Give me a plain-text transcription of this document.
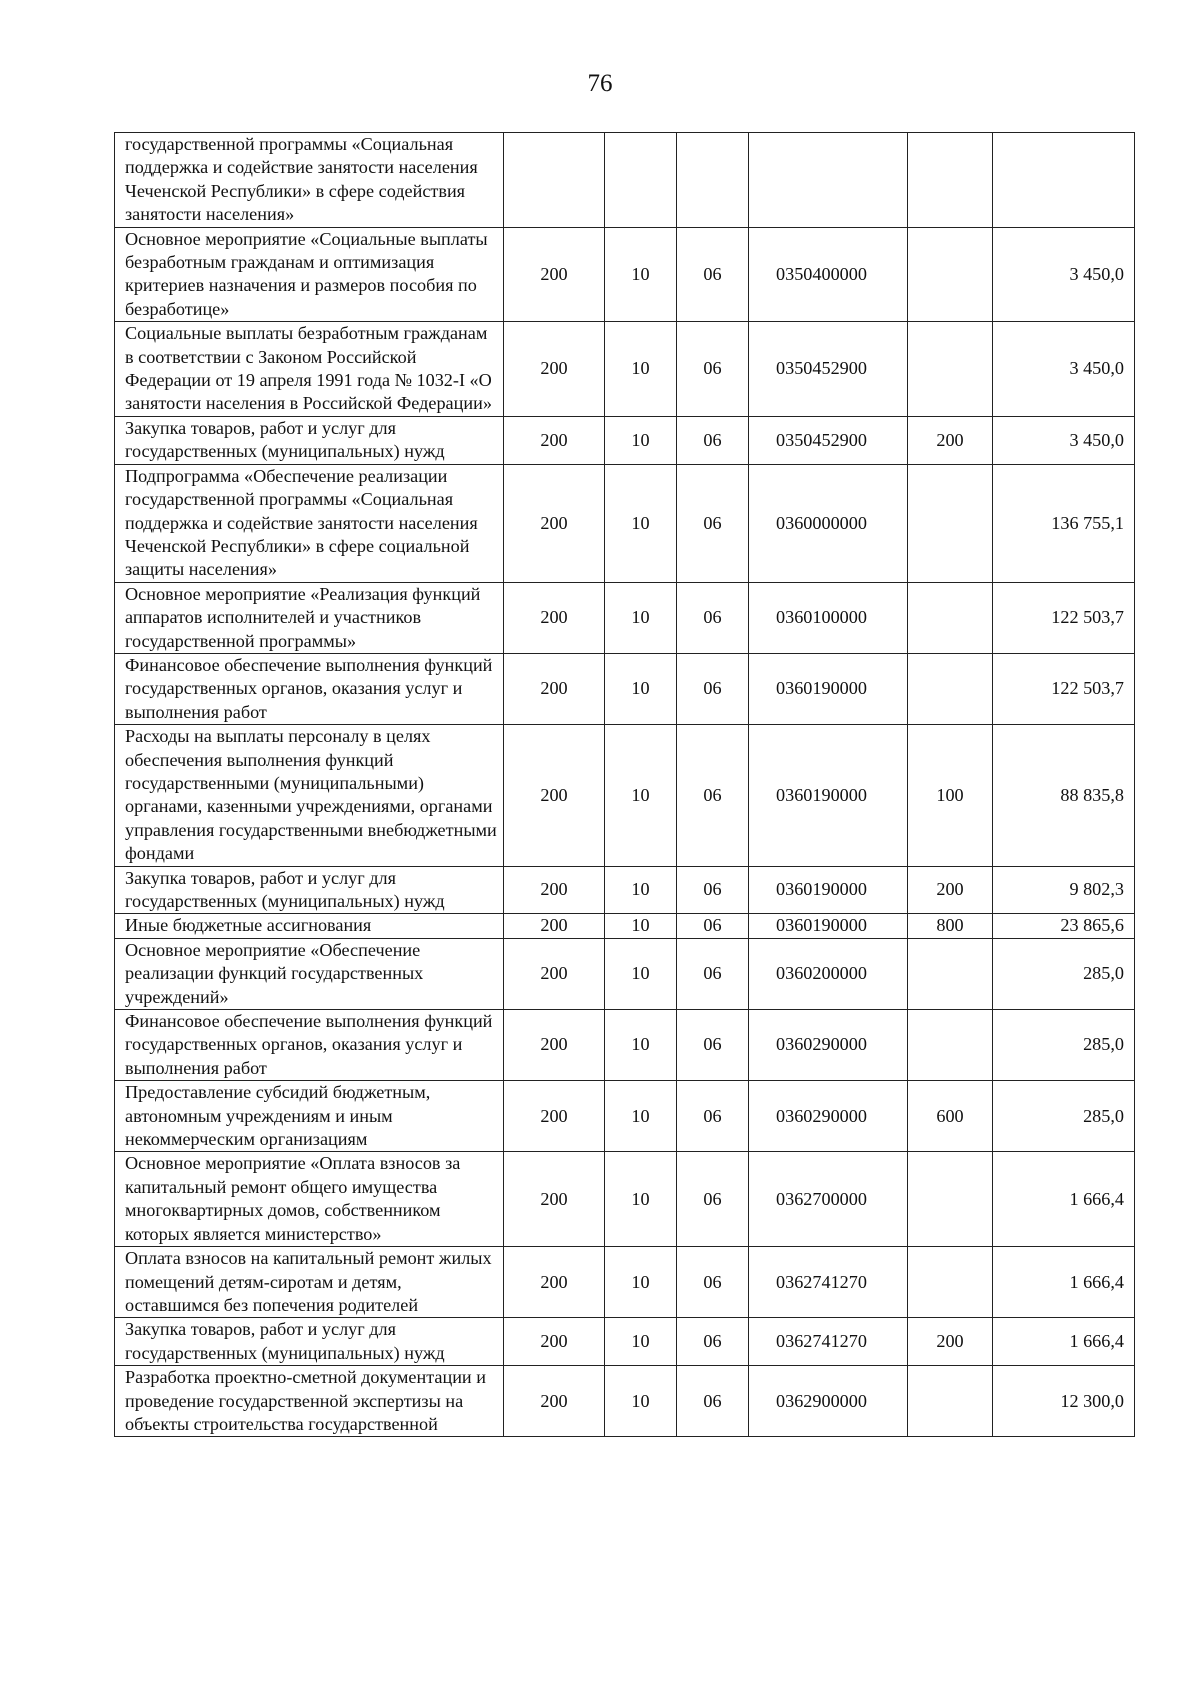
76
государственной программы «Социальная поддержка и содействие занятости населения Чеченской Республики» в сфере содействия занятости населения»						
Основное мероприятие «Социальные выплаты безработным гражданам и оптимизация критериев назначения и размеров пособия по безработице»	200	10	06	0350400000		3 450,0
Социальные выплаты безработным гражданам в соответствии с Законом Российской Федерации от 19 апреля 1991 года № 1032-I «О занятости населения в Российской Федерации»	200	10	06	0350452900		3 450,0
Закупка товаров, работ и услуг для государственных (муниципальных) нужд	200	10	06	0350452900	200	3 450,0
Подпрограмма «Обеспечение реализации государственной программы «Социальная поддержка и содействие занятости населения Чеченской Республики» в сфере социальной защиты населения»	200	10	06	0360000000		136 755,1
Основное мероприятие «Реализация функций аппаратов исполнителей и участников государственной программы»	200	10	06	0360100000		122 503,7
Финансовое обеспечение выполнения функций государственных органов, оказания услуг и выполнения работ	200	10	06	0360190000		122 503,7
Расходы на выплаты персоналу в целях обеспечения выполнения функций государственными (муниципальными) органами, казенными учреждениями, органами управления государственными внебюджетными фондами	200	10	06	0360190000	100	88 835,8
Закупка товаров, работ и услуг для государственных (муниципальных) нужд	200	10	06	0360190000	200	9 802,3
Иные бюджетные ассигнования	200	10	06	0360190000	800	23 865,6
Основное мероприятие «Обеспечение реализации функций государственных учреждений»	200	10	06	0360200000		285,0
Финансовое обеспечение выполнения функций государственных органов, оказания услуг и выполнения работ	200	10	06	0360290000		285,0
Предоставление субсидий бюджетным, автономным учреждениям и иным некоммерческим организациям	200	10	06	0360290000	600	285,0
Основное мероприятие «Оплата взносов за капитальный ремонт общего имущества многоквартирных домов, собственником которых является министерство»	200	10	06	0362700000		1 666,4
Оплата взносов на капитальный ремонт жилых помещений детям-сиротам и детям, оставшимся без попечения родителей	200	10	06	0362741270		1 666,4
Закупка товаров, работ и услуг для государственных (муниципальных) нужд	200	10	06	0362741270	200	1 666,4
Разработка проектно-сметной документации и проведение государственной экспертизы на объекты строительства государственной	200	10	06	0362900000		12 300,0
